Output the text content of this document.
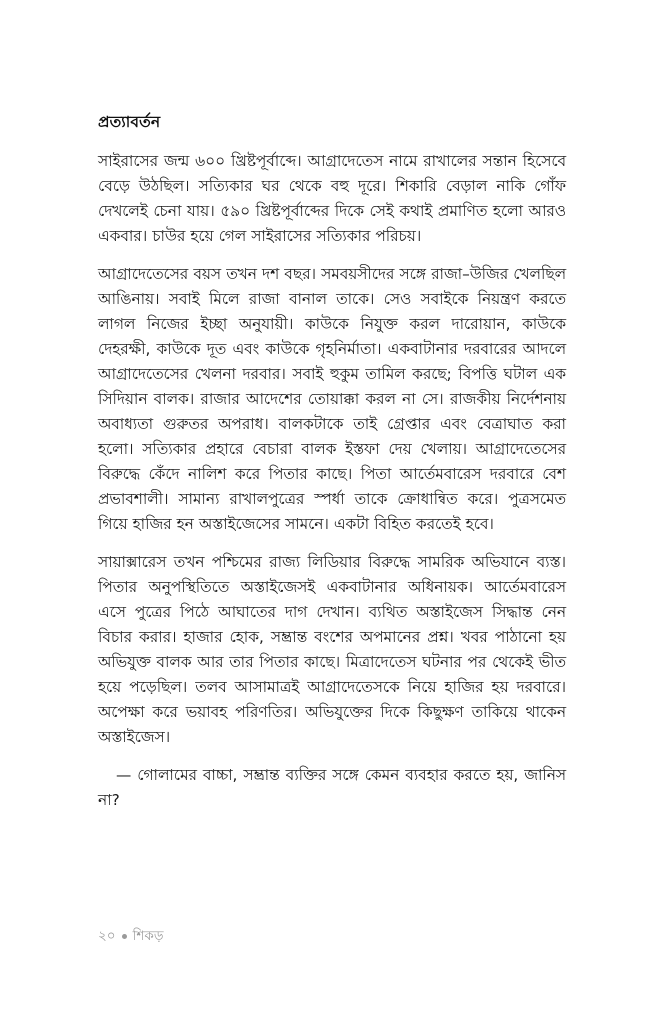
প্রত্যাবর্তন

সাইরাসের জন্ম ৬০০ খ্রিষ্টপূর্বাব্দে। আগ্রাদেতেস নামে রাখালের সন্তান হিসেবে বেড়ে উঠছিল। সত্যিকার ঘর থেকে বহু দূরে। শিকারি বেড়াল নাকি গোঁফ দেখলেই চেনা যায়। ৫৯০ খ্রিষ্টপূর্বাব্দের দিকে সেই কথাই প্রমাণিত হলো আরও একবার। চাউর হয়ে গেল সাইরাসের সত্যিকার পরিচয়।

আগ্রাদেতেসের বয়স তখন দশ বছর। সমবয়সীদের সঙ্গে রাজা–উজির খেলছিল আঙিনায়। সবাই মিলে রাজা বানাল তাকে। সেও সবাইকে নিয়ন্ত্রণ করতে লাগল নিজের ইচ্ছা অনুযায়ী। কাউকে নিযুক্ত করল দারোয়ান, কাউকে দেহরক্ষী, কাউকে দূত এবং কাউকে গৃহনির্মাতা। একবাটানার দরবারের আদলে আগ্রাদেতেসের খেলনা দরবার। সবাই হুকুম তামিল করছে; বিপত্তি ঘটাল এক সিদিয়ান বালক। রাজার আদেশের তোয়াক্কা করল না সে। রাজকীয় নির্দেশনায় অবাধ্যতা গুরুতর অপরাধ। বালকটাকে তাই গ্রেপ্তার এবং বেত্রাঘাত করা হলো। সত্যিকার প্রহারে বেচারা বালক ইস্তফা দেয় খেলায়। আগ্রাদেতেসের বিরুদ্ধে কেঁদে নালিশ করে পিতার কাছে। পিতা আর্তেমবারেস দরবারে বেশ প্রভাবশালী। সামান্য রাখালপুত্রের স্পর্ধা তাকে ক্রোধান্বিত করে। পুত্রসমেত গিয়ে হাজির হন অস্তাইজেসের সামনে। একটা বিহিত করতেই হবে।

সায়াক্সারেস তখন পশ্চিমের রাজ্য লিডিয়ার বিরুদ্ধে সামরিক অভিযানে ব্যস্ত। পিতার অনুপস্থিতিতে অস্তাইজেসই একবাটানার অধিনায়ক। আর্তেমবারেস এসে পুত্রের পিঠে আঘাতের দাগ দেখান। ব্যথিত অস্তাইজেস সিদ্ধান্ত নেন বিচার করার। হাজার হোক, সম্ভ্রান্ত বংশের অপমানের প্রশ্ন। খবর পাঠানো হয় অভিযুক্ত বালক আর তার পিতার কাছে। মিত্রাদেতেস ঘটনার পর থেকেই ভীত হয়ে পড়েছিল। তলব আসামাত্রই আগ্রাদেতেসকে নিয়ে হাজির হয় দরবারে। অপেক্ষা করে ভয়াবহ পরিণতির। অভিযুক্তের দিকে কিছুক্ষণ তাকিয়ে থাকেন অস্তাইজেস।

— গোলামের বাচ্চা, সম্ভ্রান্ত ব্যক্তির সঙ্গে কেমন ব্যবহার করতে হয়, জানিস না?

২০ শিকড়
